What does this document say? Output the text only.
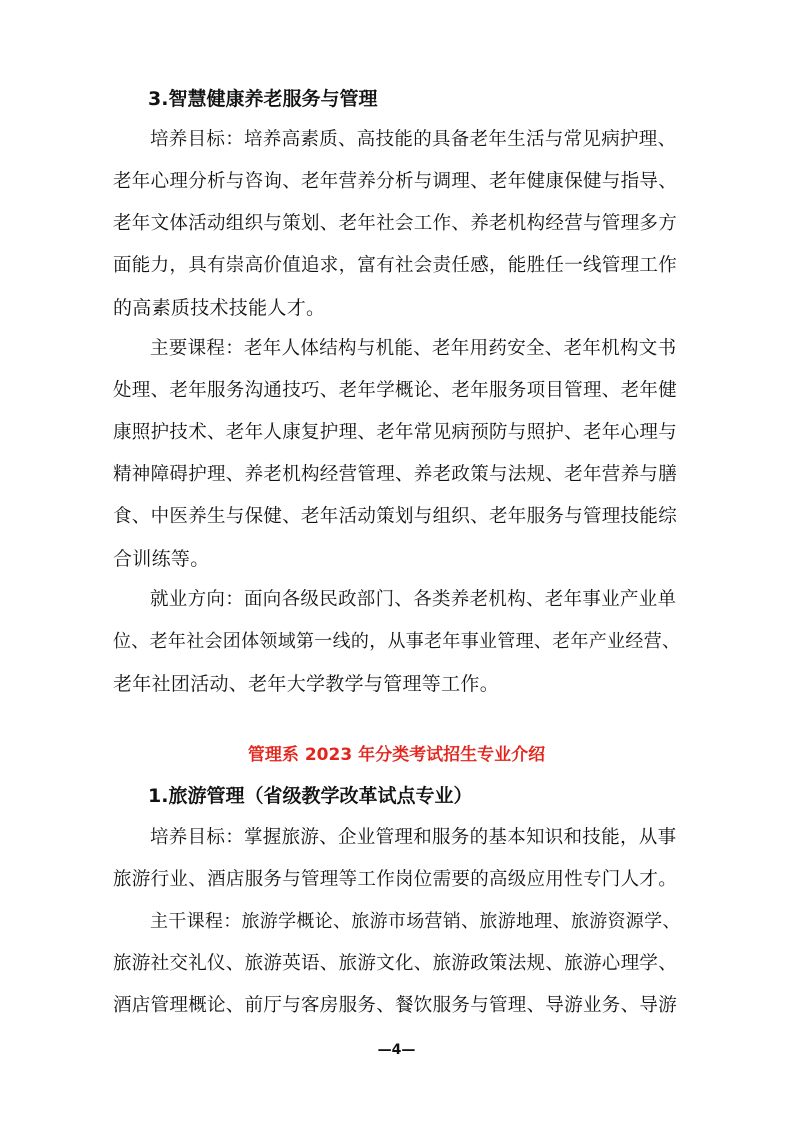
3.智慧健康养老服务与管理
培养目标：培养高素质、高技能的具备老年生活与常见病护理、
老年心理分析与咨询、老年营养分析与调理、老年健康保健与指导、
老年文体活动组织与策划、老年社会工作、养老机构经营与管理多方
面能力，具有崇高价值追求，富有社会责任感，能胜任一线管理工作
的高素质技术技能人才。
主要课程：老年人体结构与机能、老年用药安全、老年机构文书
处理、老年服务沟通技巧、老年学概论、老年服务项目管理、老年健
康照护技术、老年人康复护理、老年常见病预防与照护、老年心理与
精神障碍护理、养老机构经营管理、养老政策与法规、老年营养与膳
食、中医养生与保健、老年活动策划与组织、老年服务与管理技能综
合训练等。
就业方向：面向各级民政部门、各类养老机构、老年事业产业单
位、老年社会团体领域第一线的，从事老年事业管理、老年产业经营、
老年社团活动、老年大学教学与管理等工作。
管理系 2023 年分类考试招生专业介绍
1.旅游管理（省级教学改革试点专业）
培养目标：掌握旅游、企业管理和服务的基本知识和技能，从事
旅游行业、酒店服务与管理等工作岗位需要的高级应用性专门人才。
主干课程：旅游学概论、旅游市场营销、旅游地理、旅游资源学、
旅游社交礼仪、旅游英语、旅游文化、旅游政策法规、旅游心理学、
酒店管理概论、前厅与客房服务、餐饮服务与管理、导游业务、导游
—4—
